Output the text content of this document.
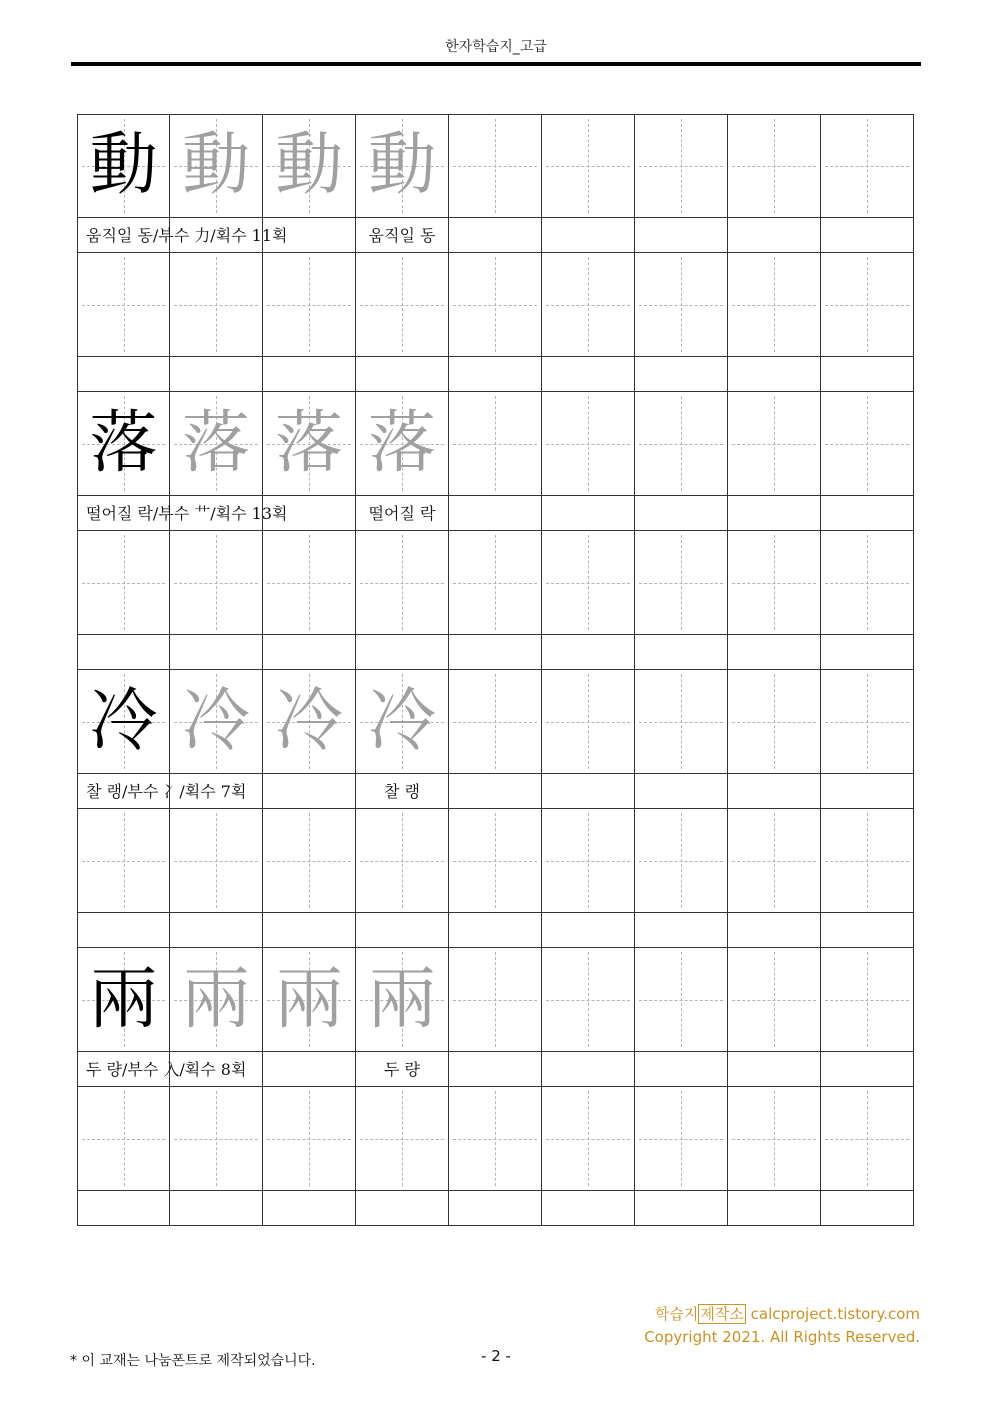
한자학습지_고급
動 動 動 動
움직일 동/부수 力/획수 11획	움직일 동
落 落 落 落
떨어질 락/부수 艹/획수 13획	떨어질 락
冷 冷 冷 冷
찰 랭/부수 冫/획수 7획	찰 랭
兩 兩 兩 兩
두 량/부수 入/획수 8획	두 량
학습지 제작소 calcproject.tistory.com
Copyright 2021. All Rights Reserved.
* 이 교재는 나눔폰트로 제작되었습니다.	- 2 -
